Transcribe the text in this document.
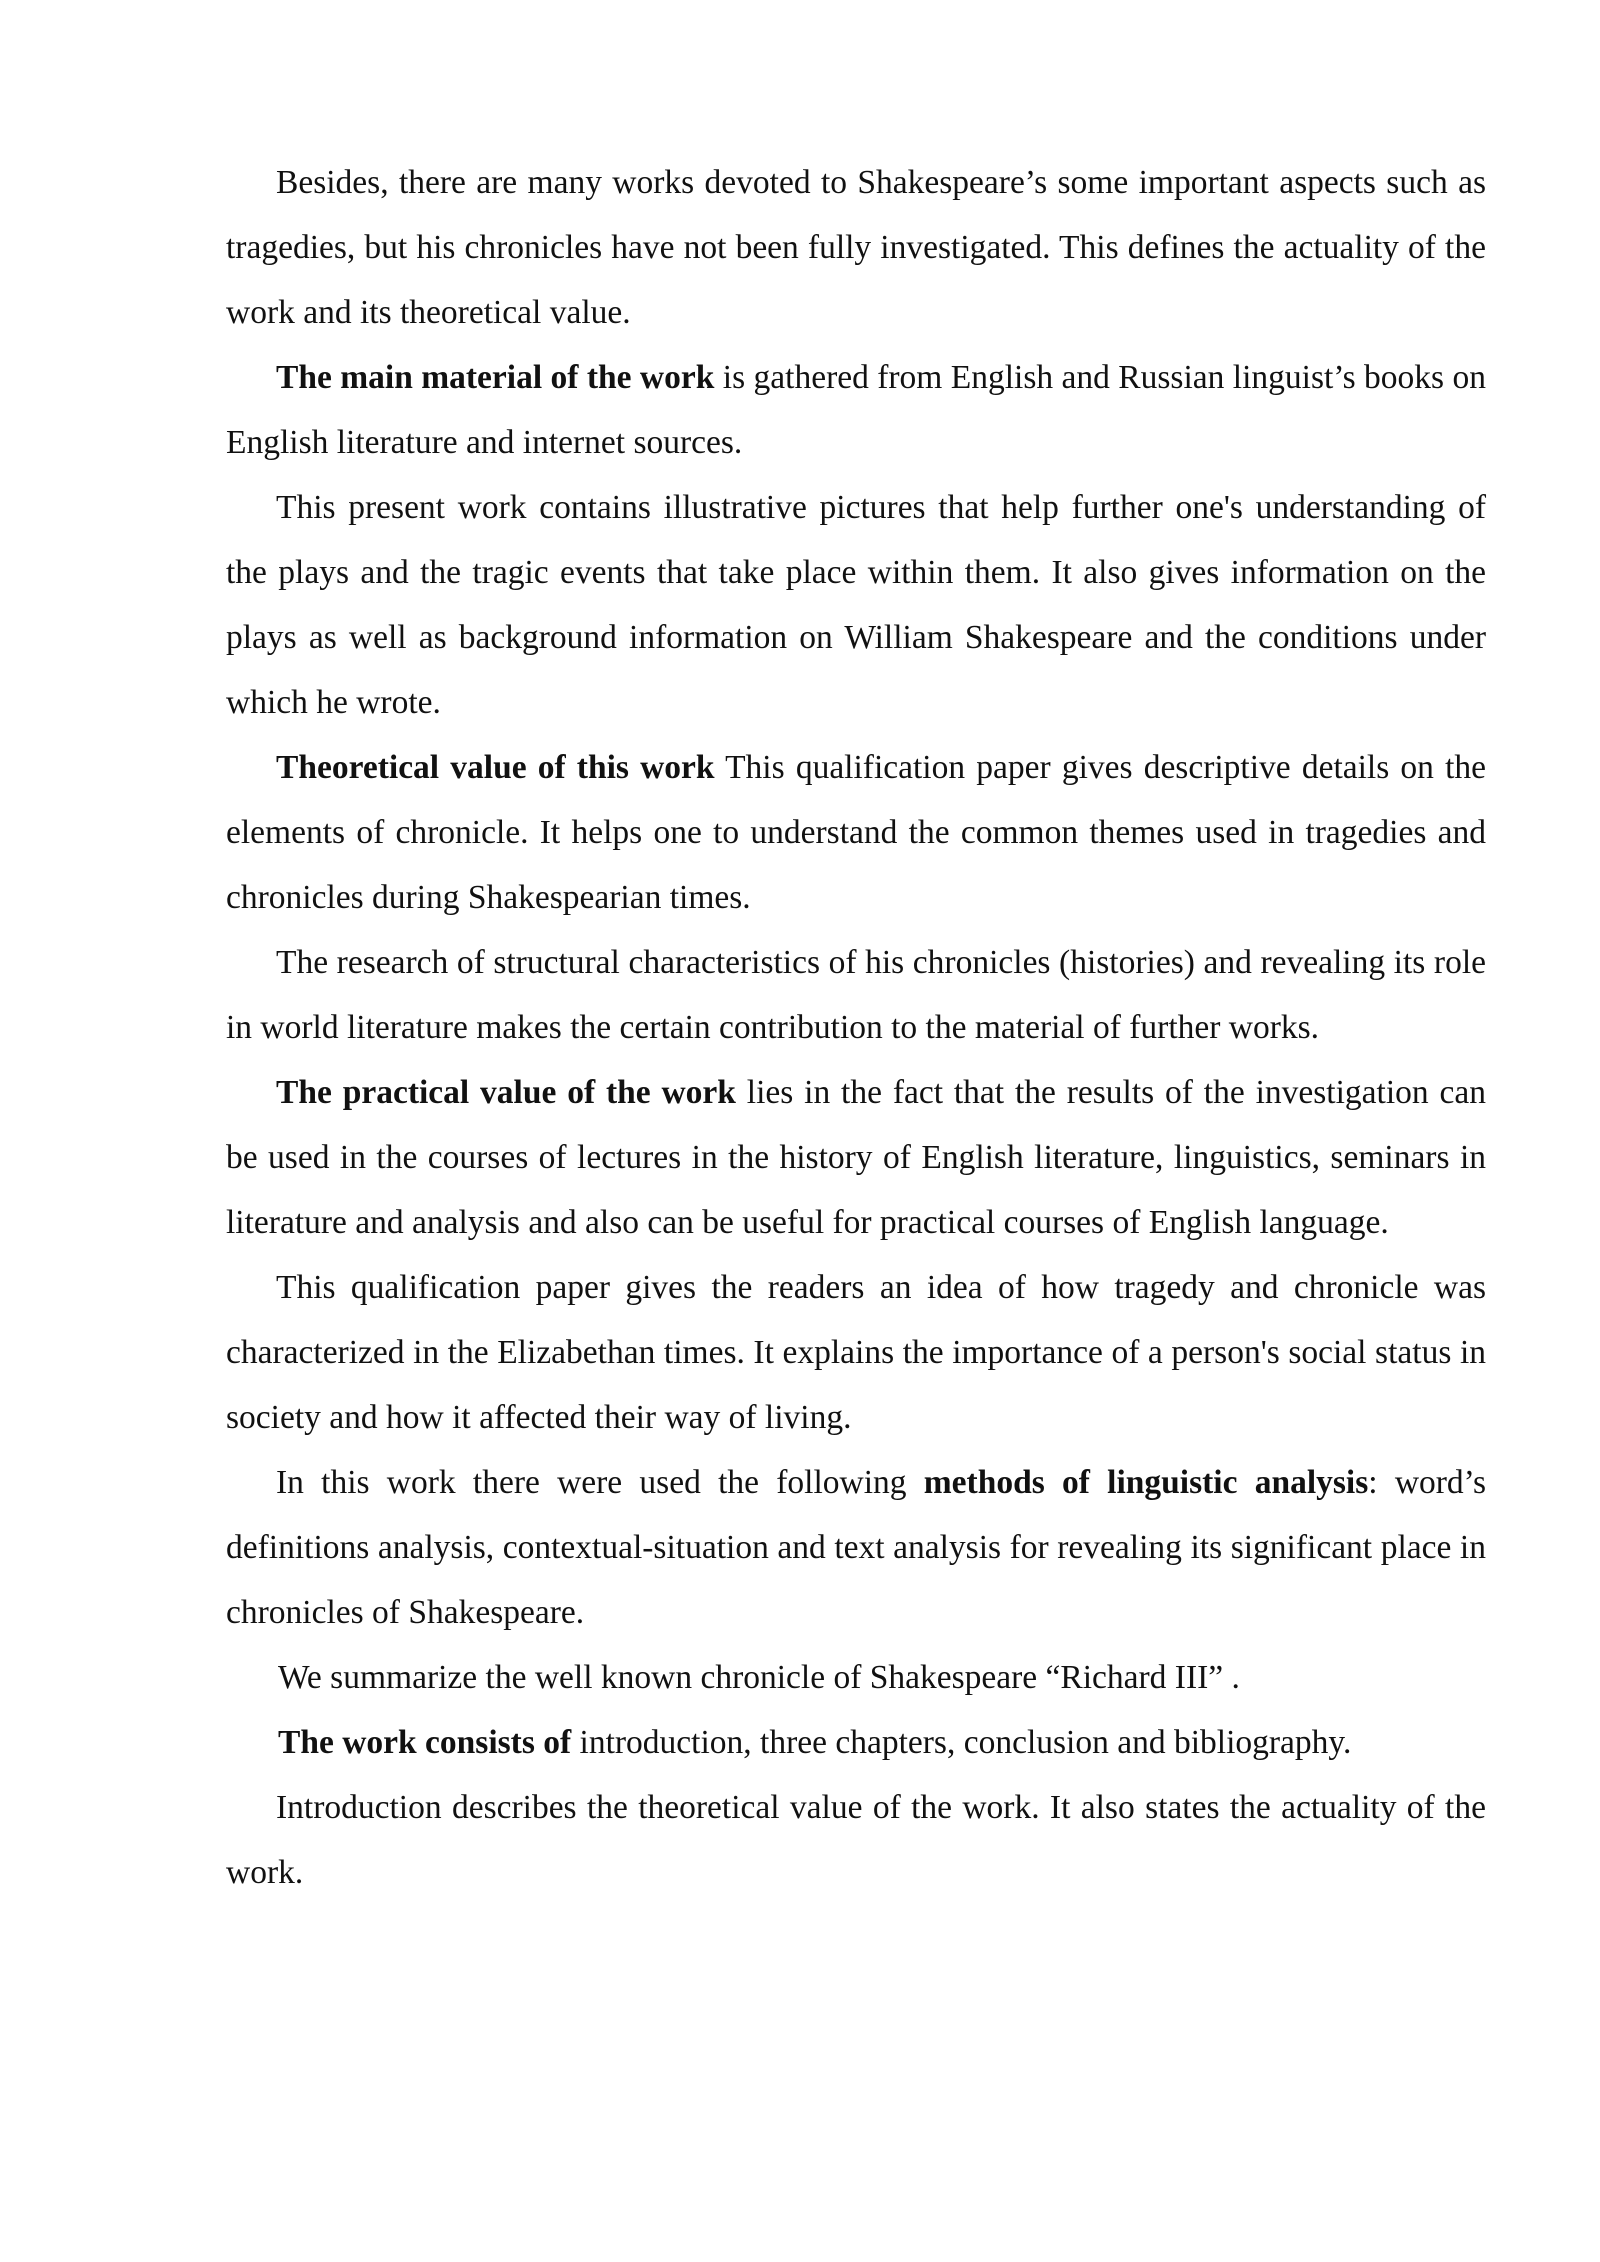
Besides, there are many works devoted to Shakespeare’s some important aspects such as tragedies, but his chronicles have not been fully investigated. This defines the actuality of the work and its theoretical value.

The main material of the work is gathered from English and Russian linguist’s books on English literature and internet sources.

This present work contains illustrative pictures that help further one's understanding of the plays and the tragic events that take place within them. It also gives information on the plays as well as background information on William Shakespeare and the conditions under which he wrote.

Theoretical value of this work This qualification paper gives descriptive details on the elements of chronicle. It helps one to understand the common themes used in tragedies and chronicles during Shakespearian times.

The research of structural characteristics of his chronicles (histories) and revealing its role in world literature makes the certain contribution to the material of further works.

The practical value of the work lies in the fact that the results of the investigation can be used in the courses of lectures in the history of English literature, linguistics, seminars in literature and analysis and also can be useful for practical courses of English language.

This qualification paper gives the readers an idea of how tragedy and chronicle was characterized in the Elizabethan times. It explains the importance of a person's social status in society and how it affected their way of living.

In this work there were used the following methods of linguistic analysis: word’s definitions analysis, contextual-situation and text analysis for revealing its significant place in chronicles of Shakespeare.

We summarize the well known chronicle of Shakespeare “Richard III” .

The work consists of introduction, three chapters, conclusion and bibliography.

Introduction describes the theoretical value of the work. It also states the actuality of the work.
